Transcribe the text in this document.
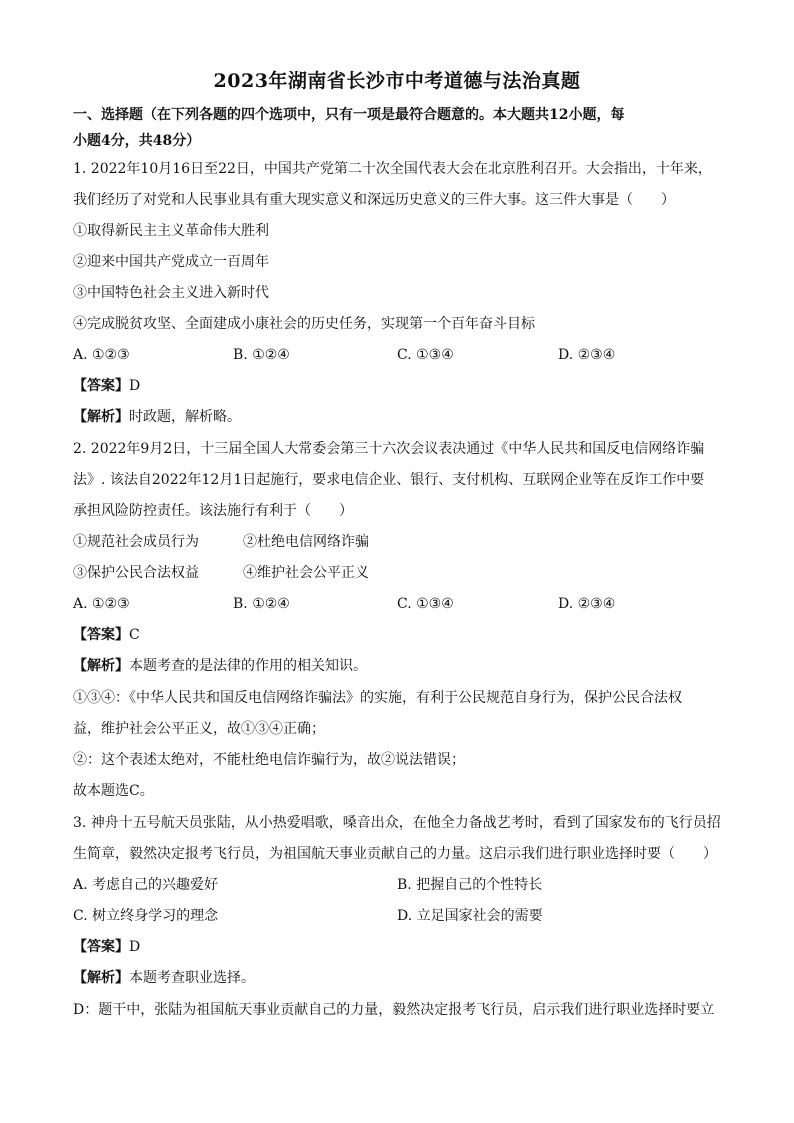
2023年湖南省长沙市中考道德与法治真题
一、选择题（在下列各题的四个选项中，只有一项是最符合题意的。本大题共12小题，每
小题4分，共48分）
1. 2022年10月16日至22日，中国共产党第二十次全国代表大会在北京胜利召开。大会指出，十年来，
我们经历了对党和人民事业具有重大现实意义和深远历史意义的三件大事。这三件大事是（　　）
①取得新民主主义革命伟大胜利
②迎来中国共产党成立一百周年
③中国特色社会主义进入新时代
④完成脱贫攻坚、全面建成小康社会的历史任务，实现第一个百年奋斗目标
A. ①②③	B. ①②④	C. ①③④	D. ②③④
【答案】D
【解析】时政题，解析略。
2. 2022年9月2日，十三届全国人大常委会第三十六次会议表决通过《中华人民共和国反电信网络诈骗
法》. 该法自2022年12月1日起施行，要求电信企业、银行、支付机构、互联网企业等在反诈工作中要
承担风险防控责任。该法施行有利于（　　）
①规范社会成员行为	②杜绝电信网络诈骗
③保护公民合法权益	④维护社会公平正义
A. ①②③	B. ①②④	C. ①③④	D. ②③④
【答案】C
【解析】本题考查的是法律的作用的相关知识。
①③④：《中华人民共和国反电信网络诈骗法》的实施，有利于公民规范自身行为，保护公民合法权
益，维护社会公平正义，故①③④正确；
②：这个表述太绝对，不能杜绝电信诈骗行为，故②说法错误；
故本题选C。
3. 神舟十五号航天员张陆，从小热爱唱歌，嗓音出众，在他全力备战艺考时，看到了国家发布的飞行员招
生简章，毅然决定报考飞行员，为祖国航天事业贡献自己的力量。这启示我们进行职业选择时要（　　）
A. 考虑自己的兴趣爱好	B. 把握自己的个性特长
C. 树立终身学习的理念	D. 立足国家社会的需要
【答案】D
【解析】本题考查职业选择。
D：题干中，张陆为祖国航天事业贡献自己的力量，毅然决定报考飞行员，启示我们进行职业选择时要立
